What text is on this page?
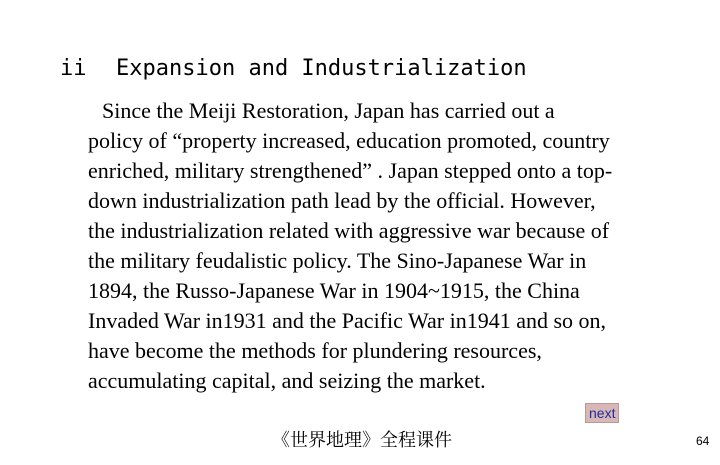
ii Expansion and Industrialization
Since the Meiji Restoration, Japan has carried out a
policy of “property increased, education promoted, country
enriched, military strengthened” . Japan stepped onto a top-
down industrialization path lead by the official. However,
the industrialization related with aggressive war because of
the military feudalistic policy. The Sino-Japanese War in
1894, the Russo-Japanese War in 1904~1915, the China
Invaded War in1931 and the Pacific War in1941 and so on,
have become the methods for plundering resources,
accumulating capital, and seizing the market.
next
《世界地理》全程课件	64
